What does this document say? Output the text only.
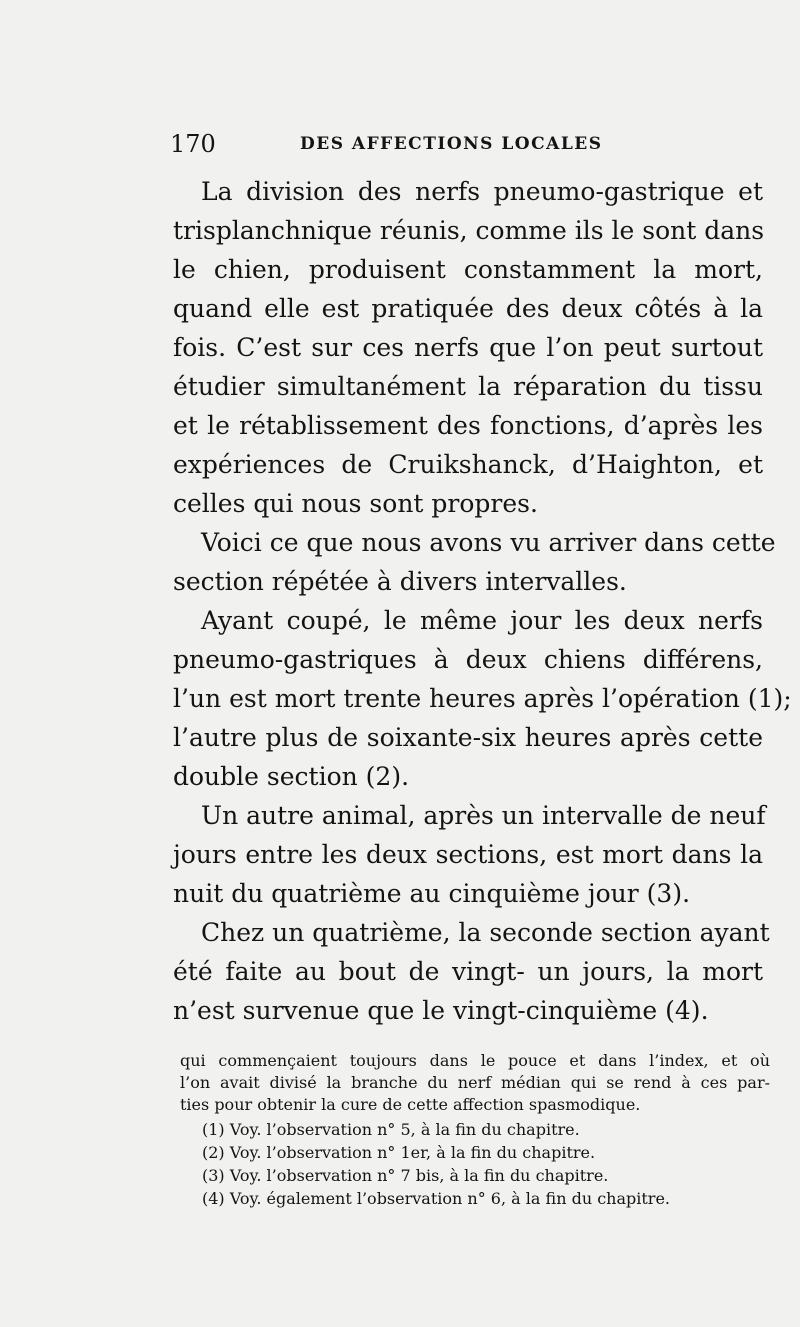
170	DES AFFECTIONS LOCALES
La division des nerfs pneumo-gastrique et
trisplanchnique réunis, comme ils le sont dans
le chien, produisent constamment la mort,
quand elle est pratiquée des deux côtés à la
fois. C’est sur ces nerfs que l’on peut surtout
étudier simultanément la réparation du tissu
et le rétablissement des fonctions, d’après les
expériences de Cruikshanck, d’Haighton, et
celles qui nous sont propres.
Voici ce que nous avons vu arriver dans cette
section répétée à divers intervalles.
Ayant coupé, le même jour les deux nerfs
pneumo-gastriques à deux chiens différens,
l’un est mort trente heures après l’opération (1);
l’autre plus de soixante-six heures après cette
double section (2).
Un autre animal, après un intervalle de neuf
jours entre les deux sections, est mort dans la
nuit du quatrième au cinquième jour (3).
Chez un quatrième, la seconde section ayant
été faite au bout de vingt- un jours, la mort
n’est survenue que le vingt-cinquième (4).
qui commençaient toujours dans le pouce et dans l’index, et où
l’on avait divisé la branche du nerf médian qui se rend à ces par-
ties pour obtenir la cure de cette affection spasmodique.
(1) Voy. l’observation n° 5, à la fin du chapitre.
(2) Voy. l’observation n° 1er, à la fin du chapitre.
(3) Voy. l’observation n° 7 bis, à la fin du chapitre.
(4) Voy. également l’observation n° 6, à la fin du chapitre.
